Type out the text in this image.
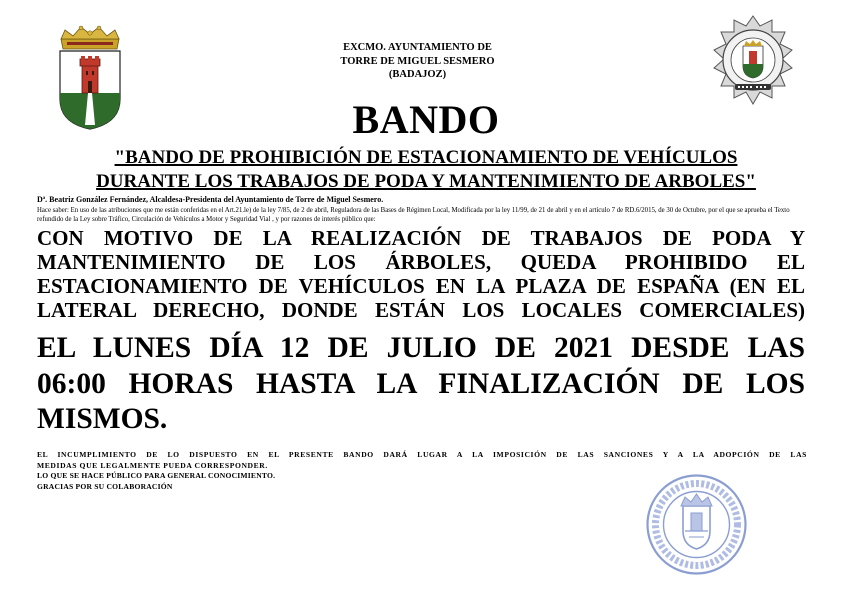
EXCMO. AYUNTAMIENTO DE
TORRE DE MIGUEL SESMERO
(BADAJOZ)
BANDO
"BANDO DE PROHIBICIÓN DE ESTACIONAMIENTO DE VEHÍCULOS
DURANTE LOS TRABAJOS DE PODA Y MANTENIMIENTO DE ARBOLES"
Dª. Beatriz González Fernández, Alcaldesa-Presidenta del Ayuntamiento de Torre de Miguel Sesmero.
Hace saber: En uso de las atribuciones que me están conferidas en el Art.21.le) de la ley 7/85, de 2 de abril, Reguladora de las Bases de Régimen Local, Modificada por la ley 11/99, de 21 de abril y en el artículo 7 de RD.6/2015, de 30 de Octubre, por el que se aprueba el Texto refundido de la Ley sobre Tráfico, Circulación de Vehículos a Motor y Seguridad Vial , y por razones de interés público que:
CON MOTIVO DE LA REALIZACIÓN DE TRABAJOS DE PODA Y
MANTENIMIENTO DE LOS ÁRBOLES, QUEDA PROHIBIDO EL
ESTACIONAMIENTO DE VEHÍCULOS EN LA PLAZA DE ESPAÑA (EN EL
LATERAL DERECHO, DONDE ESTÁN LOS LOCALES COMERCIALES)
EL LUNES DÍA 12 DE JULIO DE 2021 DESDE LAS
06:00 HORAS HASTA LA FINALIZACIÓN DE LOS
MISMOS.
EL INCUMPLIMIENTO DE LO DISPUESTO EN EL PRESENTE BANDO DARÁ LUGAR A LA IMPOSICIÓN DE LAS SANCIONES Y A LA ADOPCIÓN DE LAS
MEDIDAS QUE LEGALMENTE PUEDA CORRESPONDER.
LO QUE SE HACE PÚBLICO PARA GENERAL CONOCIMIENTO.
GRACIAS POR SU COLABORACIÓN
